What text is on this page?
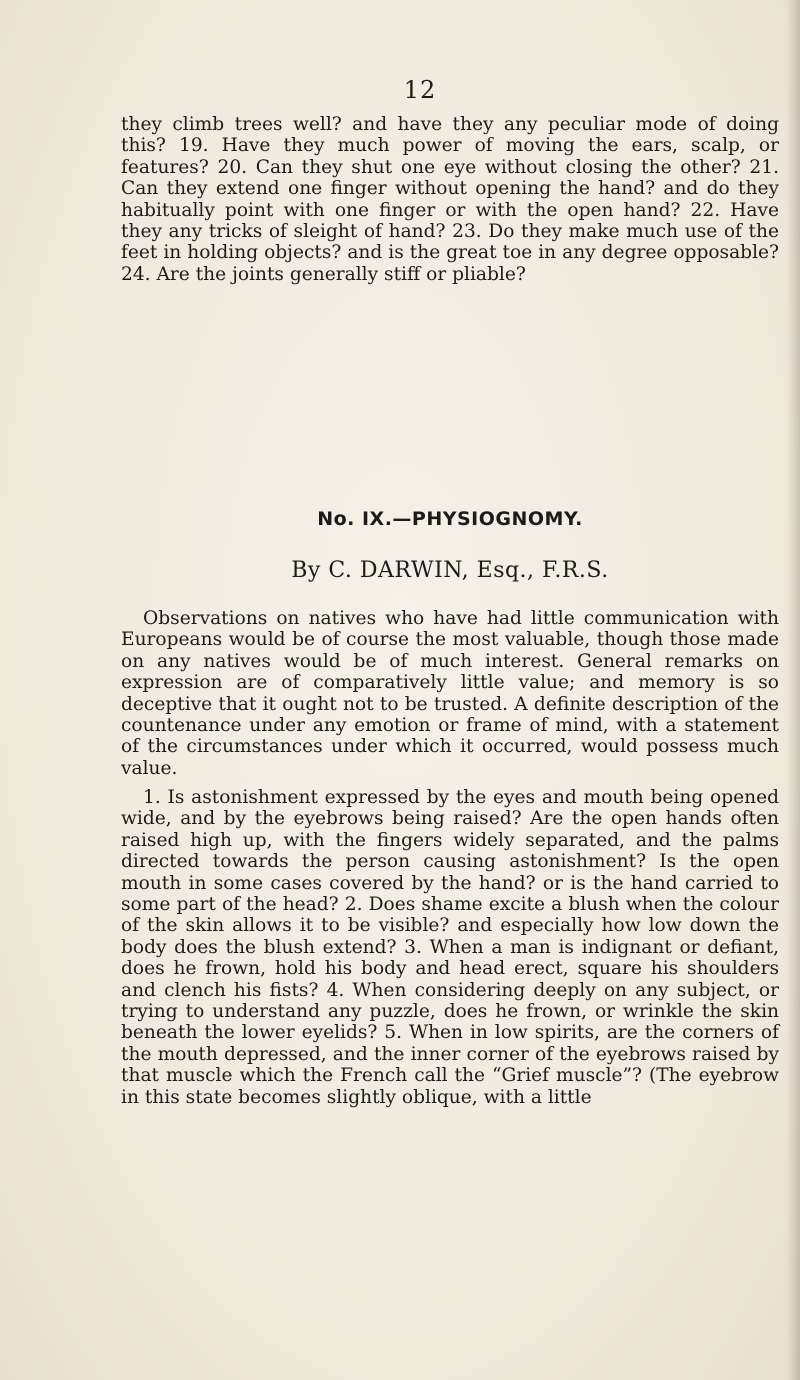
12

they climb trees well? and have they any peculiar mode of doing this? 19. Have they much power of moving the ears, scalp, or features? 20. Can they shut one eye without closing the other? 21. Can they extend one finger without opening the hand? and do they habitually point with one finger or with the open hand? 22. Have they any tricks of sleight of hand? 23. Do they make much use of the feet in holding objects? and is the great toe in any degree opposable? 24. Are the joints generally stiff or pliable?

No. IX.—PHYSIOGNOMY.
By C. DARWIN, Esq., F.R.S.

Observations on natives who have had little communication with Europeans would be of course the most valuable, though those made on any natives would be of much interest. General remarks on expression are of comparatively little value; and memory is so deceptive that it ought not to be trusted. A definite description of the countenance under any emotion or frame of mind, with a statement of the circumstances under which it occurred, would possess much value.

1. Is astonishment expressed by the eyes and mouth being opened wide, and by the eyebrows being raised? Are the open hands often raised high up, with the fingers widely separated, and the palms directed towards the person causing astonishment? Is the open mouth in some cases covered by the hand? or is the hand carried to some part of the head? 2. Does shame excite a blush when the colour of the skin allows it to be visible? and especially how low down the body does the blush extend? 3. When a man is indignant or defiant, does he frown, hold his body and head erect, square his shoulders and clench his fists? 4. When considering deeply on any subject, or trying to understand any puzzle, does he frown, or wrinkle the skin beneath the lower eyelids? 5. When in low spirits, are the corners of the mouth depressed, and the inner corner of the eyebrows raised by that muscle which the French call the “Grief muscle”? (The eyebrow in this state becomes slightly oblique, with a little
